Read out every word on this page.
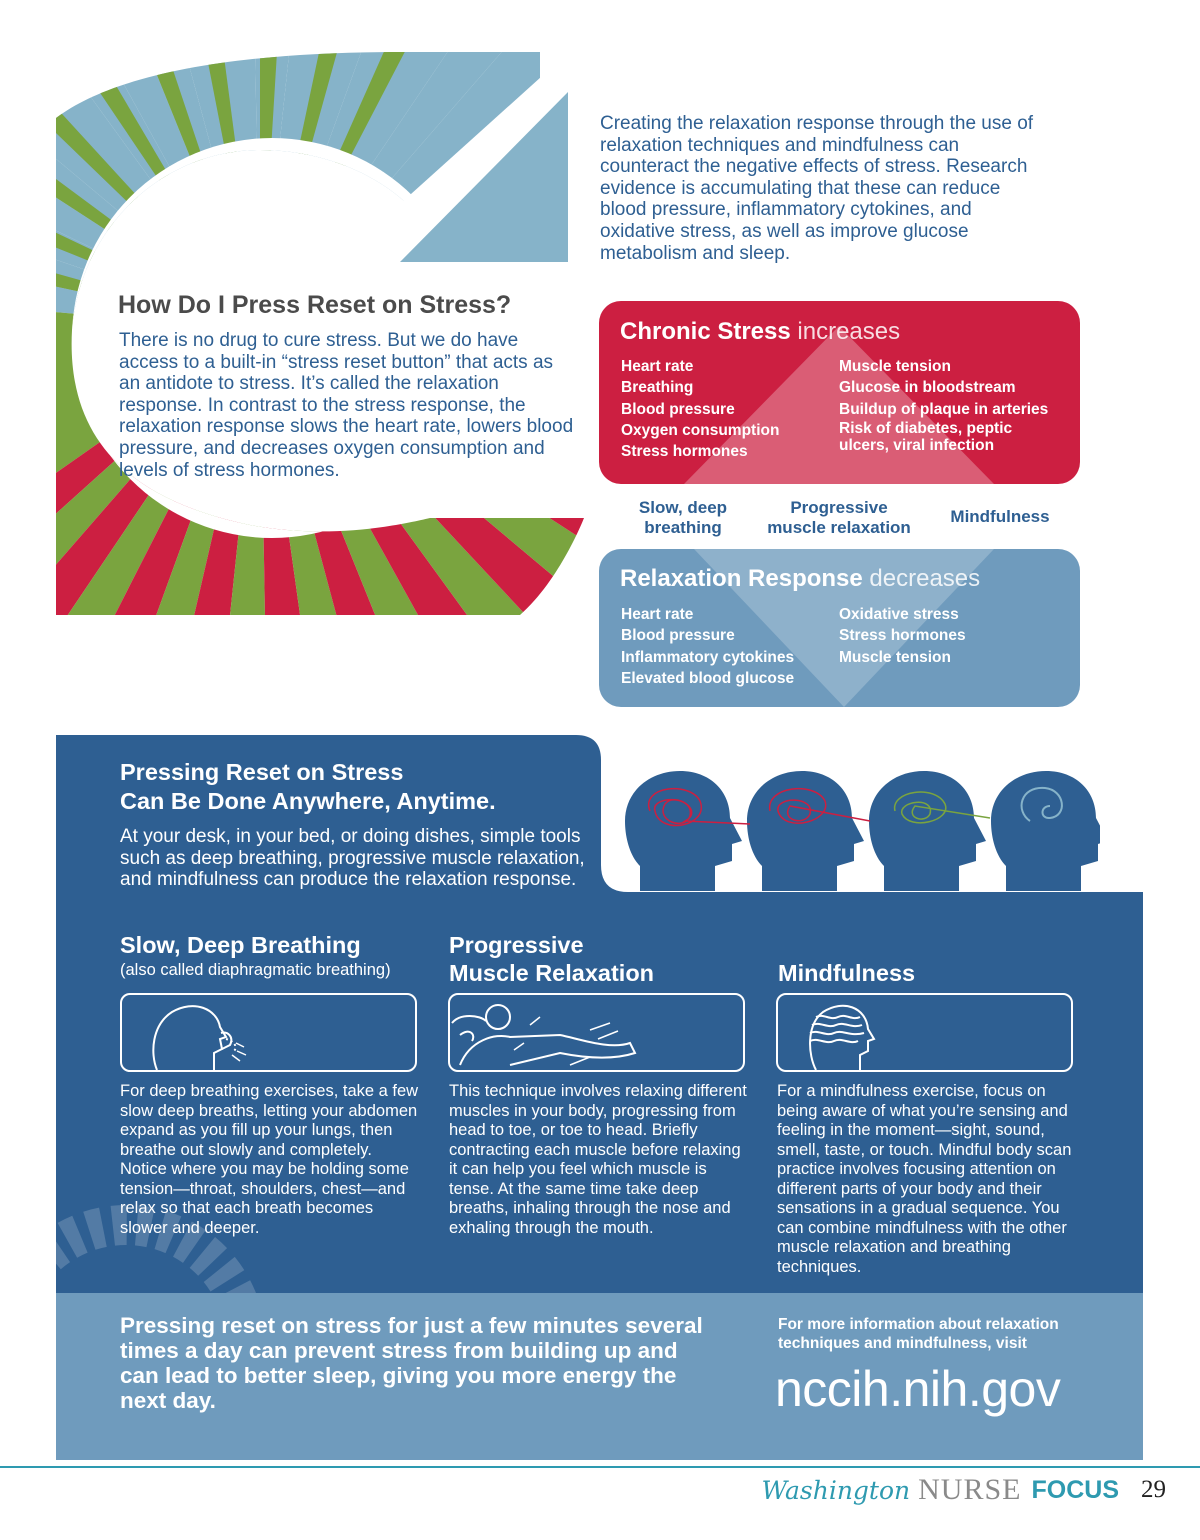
Creating the relaxation response through the use of relaxation techniques and mindfulness can counteract the negative effects of stress. Research evidence is accumulating that these can reduce blood pressure, inflammatory cytokines, and oxidative stress, as well as improve glucose metabolism and sleep.

How Do I Press Reset on Stress?

There is no drug to cure stress. But we do have access to a built-in “stress reset button” that acts as an antidote to stress. It’s called the relaxation response. In contrast to the stress response, the relaxation response slows the heart rate, lowers blood pressure, and decreases oxygen consumption and levels of stress hormones.

Chronic Stress increases
Heart rate
Breathing
Blood pressure
Oxygen consumption
Stress hormones
Muscle tension
Glucose in bloodstream
Buildup of plaque in arteries
Risk of diabetes, peptic
ulcers, viral infection
Slow, deep
breathing
Progressive
muscle relaxation
Mindfulness
Relaxation Response decreases
Heart rate
Blood pressure
Inflammatory cytokines
Elevated blood glucose
Oxidative stress
Stress hormones
Muscle tension
Pressing Reset on Stress
Can Be Done Anywhere, Anytime.

At your desk, in your bed, or doing dishes, simple tools such as deep breathing, progressive muscle relaxation, and mindfulness can produce the relaxation response.

Slow, Deep Breathing
(also called diaphragmatic breathing)

For deep breathing exercises, take a few slow deep breaths, letting your abdomen expand as you fill up your lungs, then breathe out slowly and completely. Notice where you may be holding some tension—throat, shoulders, chest—and relax so that each breath becomes slower and deeper.

Progressive
Muscle Relaxation

This technique involves relaxing different muscles in your body, progressing from head to toe, or toe to head. Briefly contracting each muscle before relaxing it can help you feel which muscle is tense. At the same time take deep breaths, inhaling through the nose and exhaling through the mouth.

Mindfulness

For a mindfulness exercise, focus on being aware of what you’re sensing and feeling in the moment—sight, sound, smell, taste, or touch. Mindful body scan practice involves focusing attention on different parts of your body and their sensations in a gradual sequence. You can combine mindfulness with the other muscle relaxation and breathing techniques.

Pressing reset on stress for just a few minutes several times a day can prevent stress from building up and can lead to better sleep, giving you more energy the next day.

For more information about relaxation techniques and mindfulness, visit

nccih.nih.gov
Washington NURSE FOCUS 29
